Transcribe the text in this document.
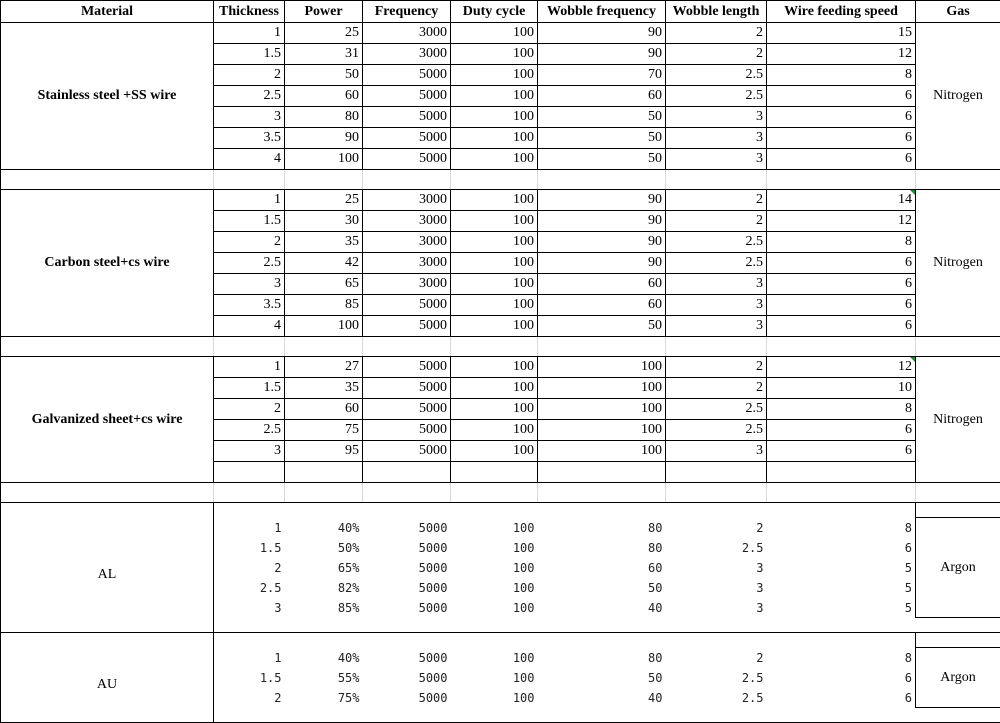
Material	Thickness	Power	Frequency	Duty cycle	Wobble frequency	Wobble length	Wire feeding speed	Gas
Stainless steel +SS wire	1	25	3000	100	90	2	15	Nitrogen
	1.5	31	3000	100	90	2	12	
	2	50	5000	100	70	2.5	8	
	2.5	60	5000	100	60	2.5	6	
	3	80	5000	100	50	3	6	
	3.5	90	5000	100	50	3	6	
	4	100	5000	100	50	3	6	

Carbon steel+cs wire	1	25	3000	100	90	2	14	Nitrogen
	1.5	30	3000	100	90	2	12	
	2	35	3000	100	90	2.5	8	
	2.5	42	3000	100	90	2.5	6	
	3	65	3000	100	60	3	6	
	3.5	85	5000	100	60	3	6	
	4	100	5000	100	50	3	6	

Galvanized sheet+cs wire	1	27	5000	100	100	2	12	Nitrogen
	1.5	35	5000	100	100	2	10	
	2	60	5000	100	100	2.5	8	
	2.5	75	5000	100	100	2.5	6	
	3	95	5000	100	100	3	6	

AL	1	40%	5000	100	80	2	8	Argon
	1.5	50%	5000	100	80	2.5	6	
	2	65%	5000	100	60	3	5	
	2.5	82%	5000	100	50	3	5	
	3	85%	5000	100	40	3	5	

AU	1	40%	5000	100	80	2	8	Argon
	1.5	55%	5000	100	50	2.5	6	
	2	75%	5000	100	40	2.5	6	
